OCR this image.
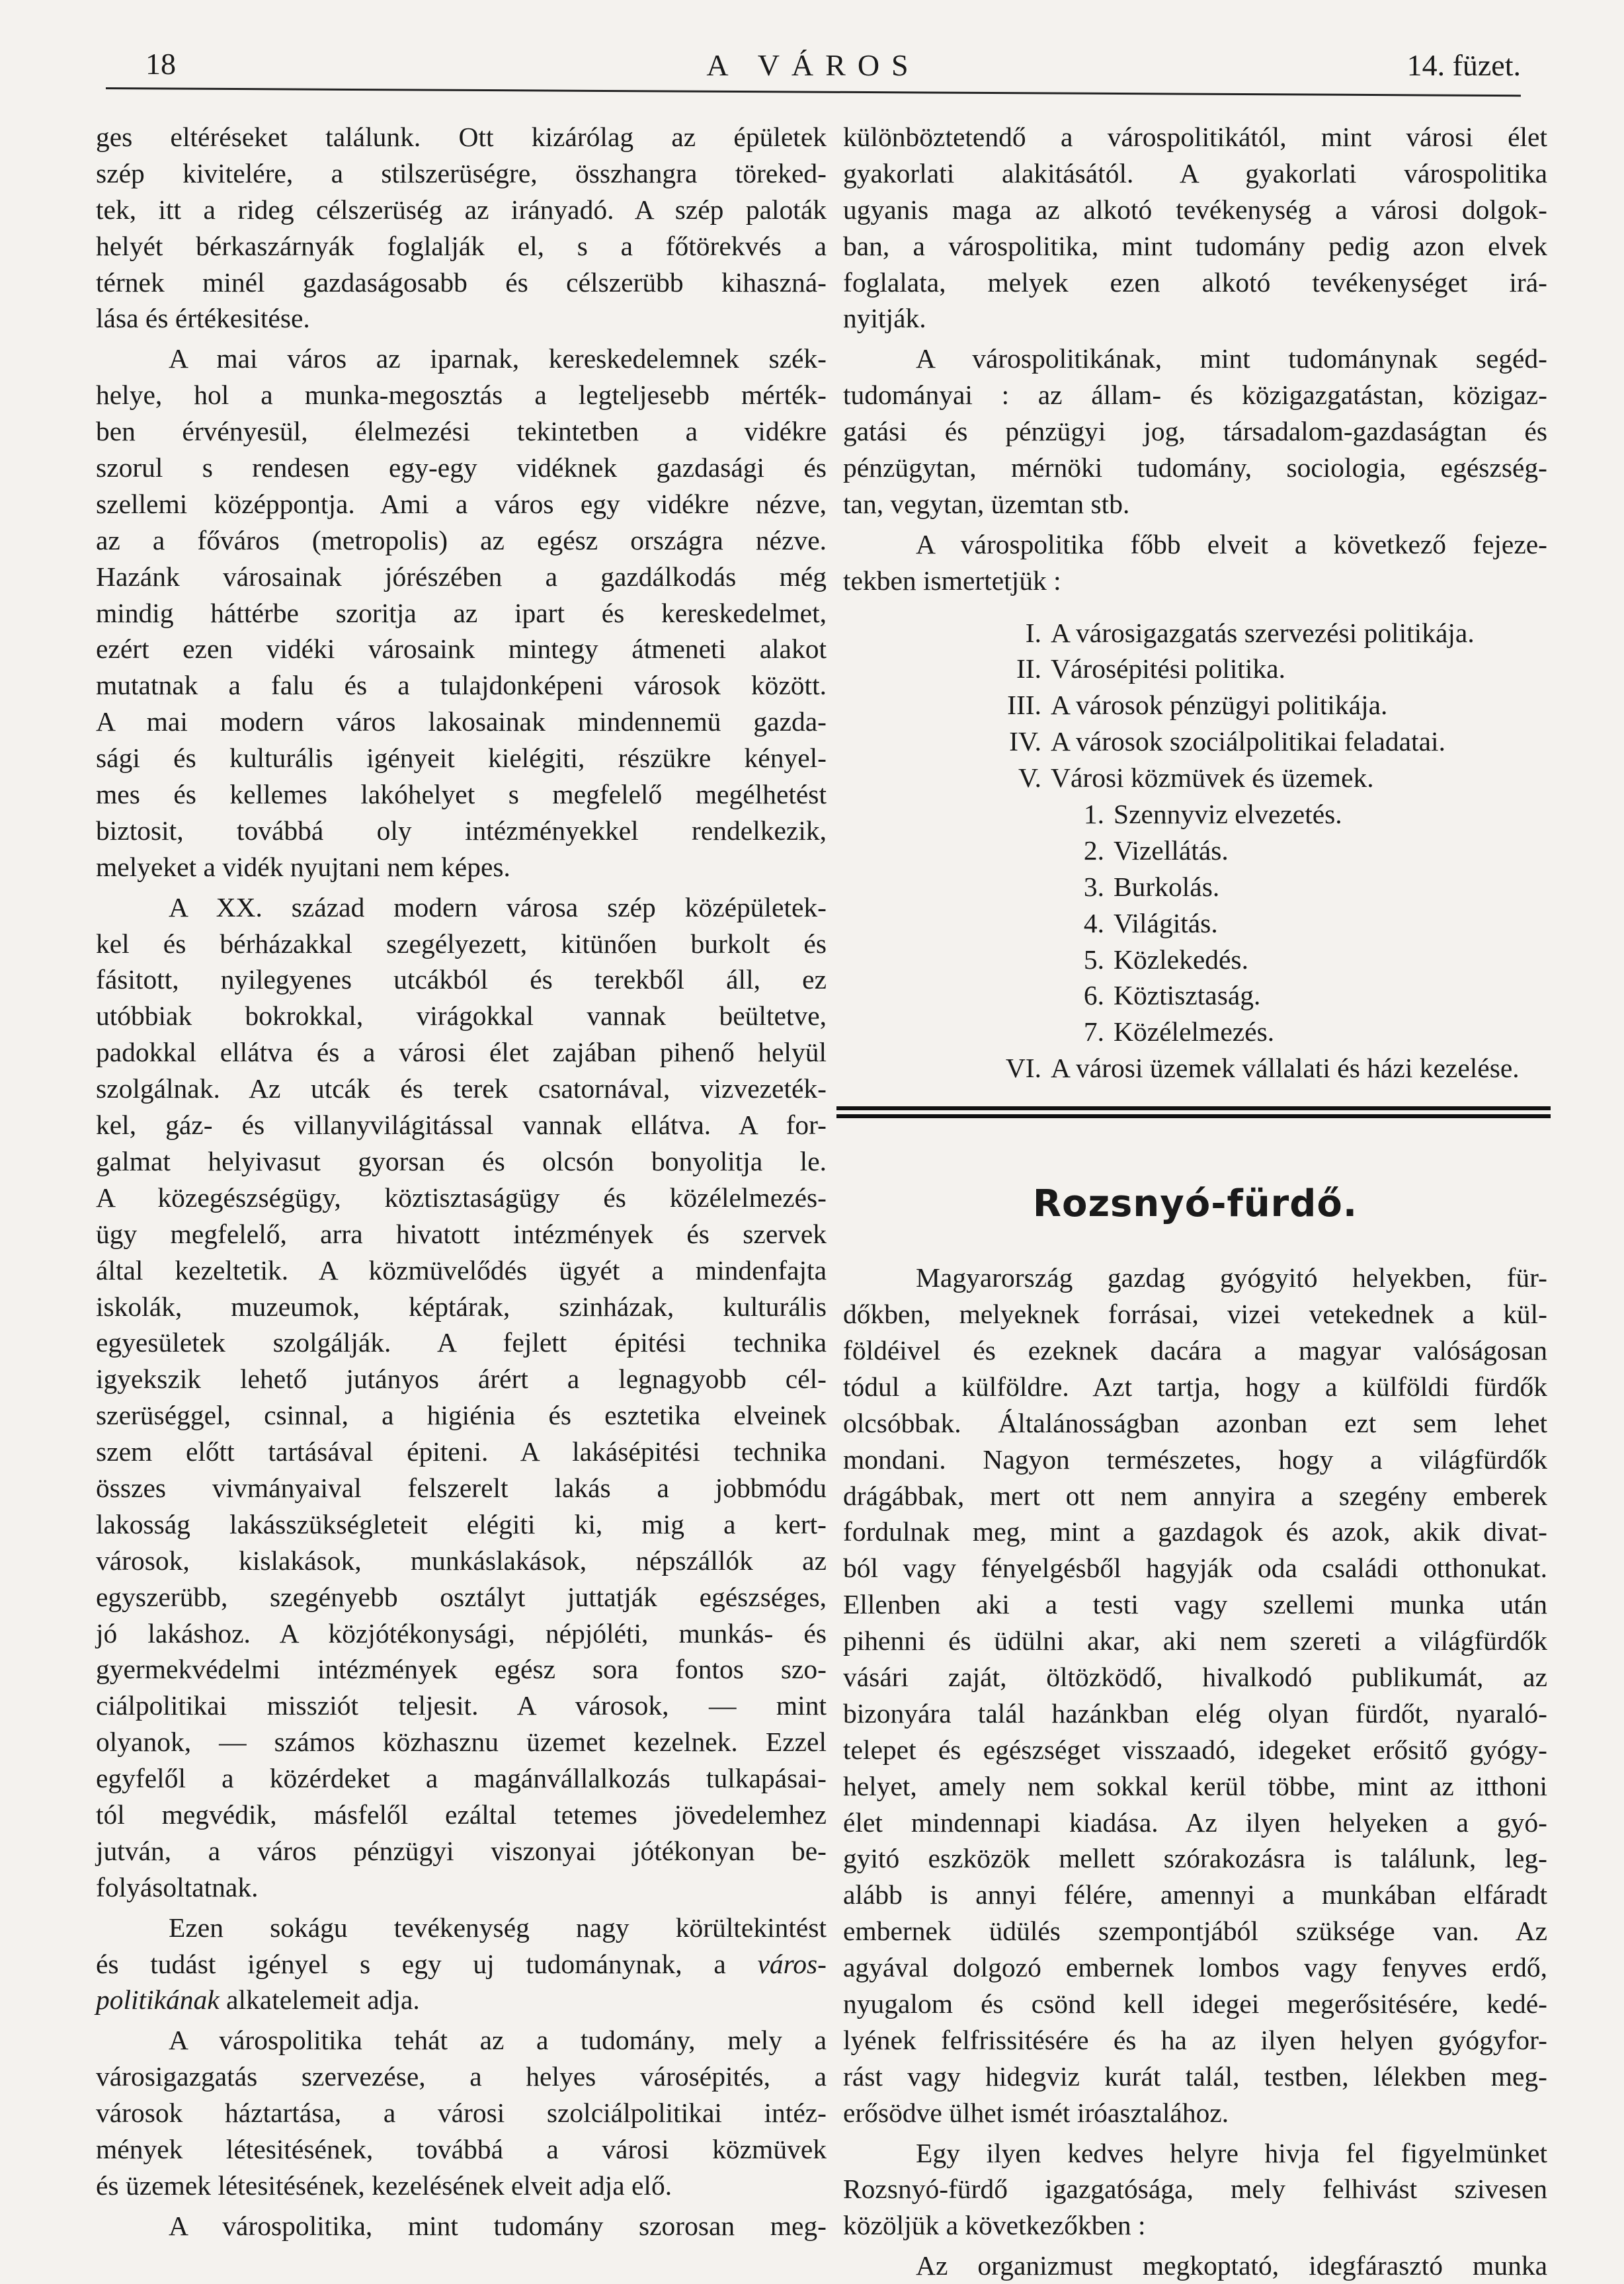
18	A VÁROS	14. füzet.
ges eltéréseket találunk. Ott kizárólag az épületek
szép kivitelére, a stilszerüségre, összhangra töreked-
tek, itt a rideg célszerüség az irányadó. A szép paloták
helyét bérkaszárnyák foglalják el, s a főtörekvés a
térnek minél gazdaságosabb és célszerübb kihaszná-
lása és értékesitése.
A mai város az iparnak, kereskedelemnek szék-
helye, hol a munka-megosztás a legteljesebb mérték-
ben érvényesül, élelmezési tekintetben a vidékre
szorul s rendesen egy-egy vidéknek gazdasági és
szellemi középpontja. Ami a város egy vidékre nézve,
az a főváros (metropolis) az egész országra nézve.
Hazánk városainak jórészében a gazdálkodás még
mindig háttérbe szoritja az ipart és kereskedelmet,
ezért ezen vidéki városaink mintegy átmeneti alakot
mutatnak a falu és a tulajdonképeni városok között.
A mai modern város lakosainak mindennemü gazda-
sági és kulturális igényeit kielégiti, részükre kényel-
mes és kellemes lakóhelyet s megfelelő megélhetést
biztosit, továbbá oly intézményekkel rendelkezik,
melyeket a vidék nyujtani nem képes.
A XX. század modern városa szép középületek-
kel és bérházakkal szegélyezett, kitünően burkolt és
fásitott, nyilegyenes utcákból és terekből áll, ez
utóbbiak bokrokkal, virágokkal vannak beültetve,
padokkal ellátva és a városi élet zajában pihenő helyül
szolgálnak. Az utcák és terek csatornával, vizvezeték-
kel, gáz- és villanyvilágitással vannak ellátva. A for-
galmat helyivasut gyorsan és olcsón bonyolitja le.
A közegészségügy, köztisztaságügy és közélelmezés-
ügy megfelelő, arra hivatott intézmények és szervek
által kezeltetik. A közmüvelődés ügyét a mindenfajta
iskolák, muzeumok, képtárak, szinházak, kulturális
egyesületek szolgálják. A fejlett épitési technika
igyekszik lehető jutányos árért a legnagyobb cél-
szerüséggel, csinnal, a higiénia és esztetika elveinek
szem előtt tartásával épiteni. A lakásépitési technika
összes vivmányaival felszerelt lakás a jobbmódu
lakosság lakásszükségleteit elégiti ki, mig a kert-
városok, kislakások, munkáslakások, népszállók az
egyszerübb, szegényebb osztályt juttatják egészséges,
jó lakáshoz. A közjótékonysági, népjóléti, munkás- és
gyermekvédelmi intézmények egész sora fontos szo-
ciálpolitikai missziót teljesit. A városok, — mint
olyanok, — számos közhasznu üzemet kezelnek. Ezzel
egyfelől a közérdeket a magánvállalkozás tulkapásai-
tól megvédik, másfelől ezáltal tetemes jövedelemhez
jutván, a város pénzügyi viszonyai jótékonyan be-
folyásoltatnak.
Ezen sokágu tevékenység nagy körültekintést
és tudást igényel s egy uj tudománynak, a város-
politikának alkatelemeit adja.
A várospolitika tehát az a tudomány, mely a
városigazgatás szervezése, a helyes városépités, a
városok háztartása, a városi szolciálpolitikai intéz-
mények létesitésének, továbbá a városi közmüvek
és üzemek létesitésének, kezelésének elveit adja elő.
A várospolitika, mint tudomány szorosan meg-
különböztetendő a várospolitikától, mint városi élet
gyakorlati alakitásától. A gyakorlati várospolitika
ugyanis maga az alkotó tevékenység a városi dolgok-
ban, a várospolitika, mint tudomány pedig azon elvek
foglalata, melyek ezen alkotó tevékenységet irá-
nyitják.
A várospolitikának, mint tudománynak segéd-
tudományai : az állam- és közigazgatástan, közigaz-
gatási és pénzügyi jog, társadalom-gazdaságtan és
pénzügytan, mérnöki tudomány, sociologia, egészség-
tan, vegytan, üzemtan stb.
A várospolitika főbb elveit a következő fejeze-
tekben ismertetjük :
I. A városigazgatás szervezési politikája.
II. Városépitési politika.
III. A városok pénzügyi politikája.
IV. A városok szociálpolitikai feladatai.
V. Városi közmüvek és üzemek.
1. Szennyviz elvezetés.
2. Vizellátás.
3. Burkolás.
4. Világitás.
5. Közlekedés.
6. Köztisztaság.
7. Közélelmezés.
VI. A városi üzemek vállalati és házi kezelése.
Rozsnyó-fürdő.
Magyarország gazdag gyógyitó helyekben, für-
dőkben, melyeknek forrásai, vizei vetekednek a kül-
földéivel és ezeknek dacára a magyar valóságosan
tódul a külföldre. Azt tartja, hogy a külföldi fürdők
olcsóbbak. Általánosságban azonban ezt sem lehet
mondani. Nagyon természetes, hogy a világfürdők
drágábbak, mert ott nem annyira a szegény emberek
fordulnak meg, mint a gazdagok és azok, akik divat-
ból vagy fényelgésből hagyják oda családi otthonukat.
Ellenben aki a testi vagy szellemi munka után
pihenni és üdülni akar, aki nem szereti a világfürdők
vásári zaját, öltözködő, hivalkodó publikumát, az
bizonyára talál hazánkban elég olyan fürdőt, nyaraló-
telepet és egészséget visszaadó, idegeket erősitő gyógy-
helyet, amely nem sokkal kerül többe, mint az itthoni
élet mindennapi kiadása. Az ilyen helyeken a gyó-
gyitó eszközök mellett szórakozásra is találunk, leg-
alább is annyi félére, amennyi a munkában elfáradt
embernek üdülés szempontjából szüksége van. Az
agyával dolgozó embernek lombos vagy fenyves erdő,
nyugalom és csönd kell idegei megerősitésére, kedé-
lyének felfrissitésére és ha az ilyen helyen gyógyfor-
rást vagy hidegviz kurát talál, testben, lélekben meg-
erősödve ülhet ismét iróasztalához.
Egy ilyen kedves helyre hivja fel figyelmünket
Rozsnyó-fürdő igazgatósága, mely felhivást szivesen
közöljük a következőkben :
Az organizmust megkoptató, idegfárasztó munka
